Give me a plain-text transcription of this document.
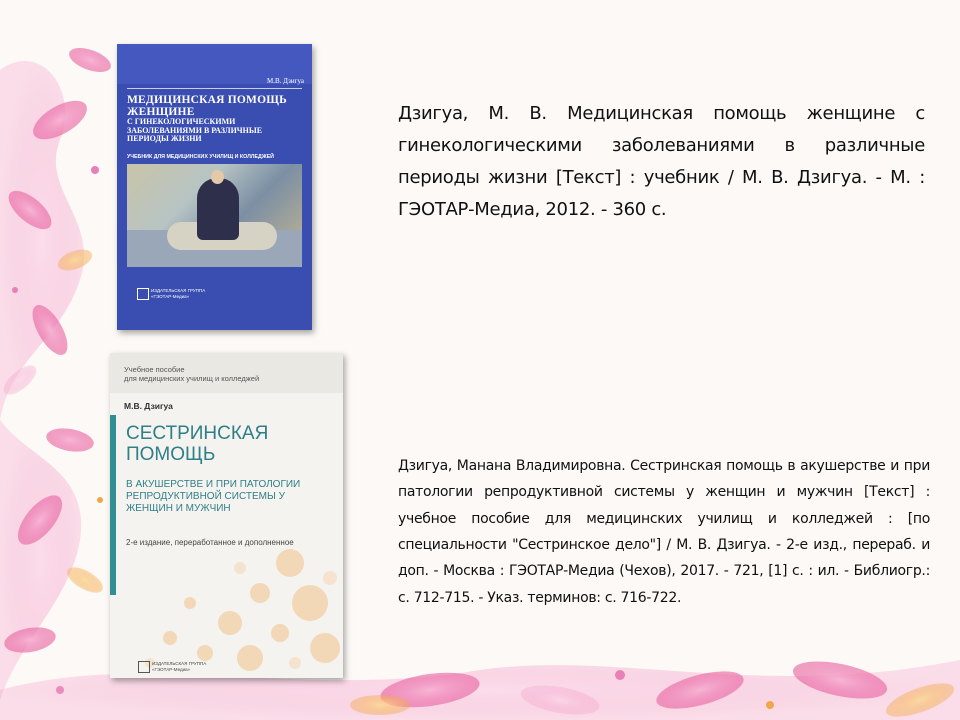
М.В. Дзигуа
МЕДИЦИНСКАЯ ПОМОЩЬ ЖЕНЩИНЕ
С ГИНЕКОЛОГИЧЕСКИМИ ЗАБОЛЕВАНИЯМИ В РАЗЛИЧНЫЕ ПЕРИОДЫ ЖИЗНИ
УЧЕБНИК ДЛЯ МЕДИЦИНСКИХ УЧИЛИЩ И КОЛЛЕДЖЕЙ
ИЗДАТЕЛЬСКАЯ ГРУППА
«ГЭОТАР-Медиа»
Учебное пособие
для медицинских училищ и колледжей
М.В. Дзигуа
СЕСТРИНСКАЯ ПОМОЩЬ
В АКУШЕРСТВЕ И ПРИ ПАТОЛОГИИ РЕПРОДУКТИВНОЙ СИСТЕМЫ У ЖЕНЩИН И МУЖЧИН
2-е издание, переработанное и дополненное
ИЗДАТЕЛЬСКАЯ ГРУППА
«ГЭОТАР-Медиа»
Дзигуа, М. В. Медицинская помощь женщине с гинекологическими заболеваниями в различные периоды жизни [Текст] : учебник / М. В. Дзигуа. - М. : ГЭОТАР-Медиа, 2012. - 360 с.
Дзигуа, Манана Владимировна. Сестринская помощь в акушерстве и при патологии репродуктивной системы у женщин и мужчин [Текст] : учебное пособие для медицинских училищ и колледжей : [по специальности "Сестринское дело"] / М. В. Дзигуа. - 2-е изд., перераб. и доп. - Москва : ГЭОТАР-Медиа (Чехов), 2017. - 721, [1] с. : ил. - Библиогр.: с. 712-715. - Указ. терминов: с. 716-722.
